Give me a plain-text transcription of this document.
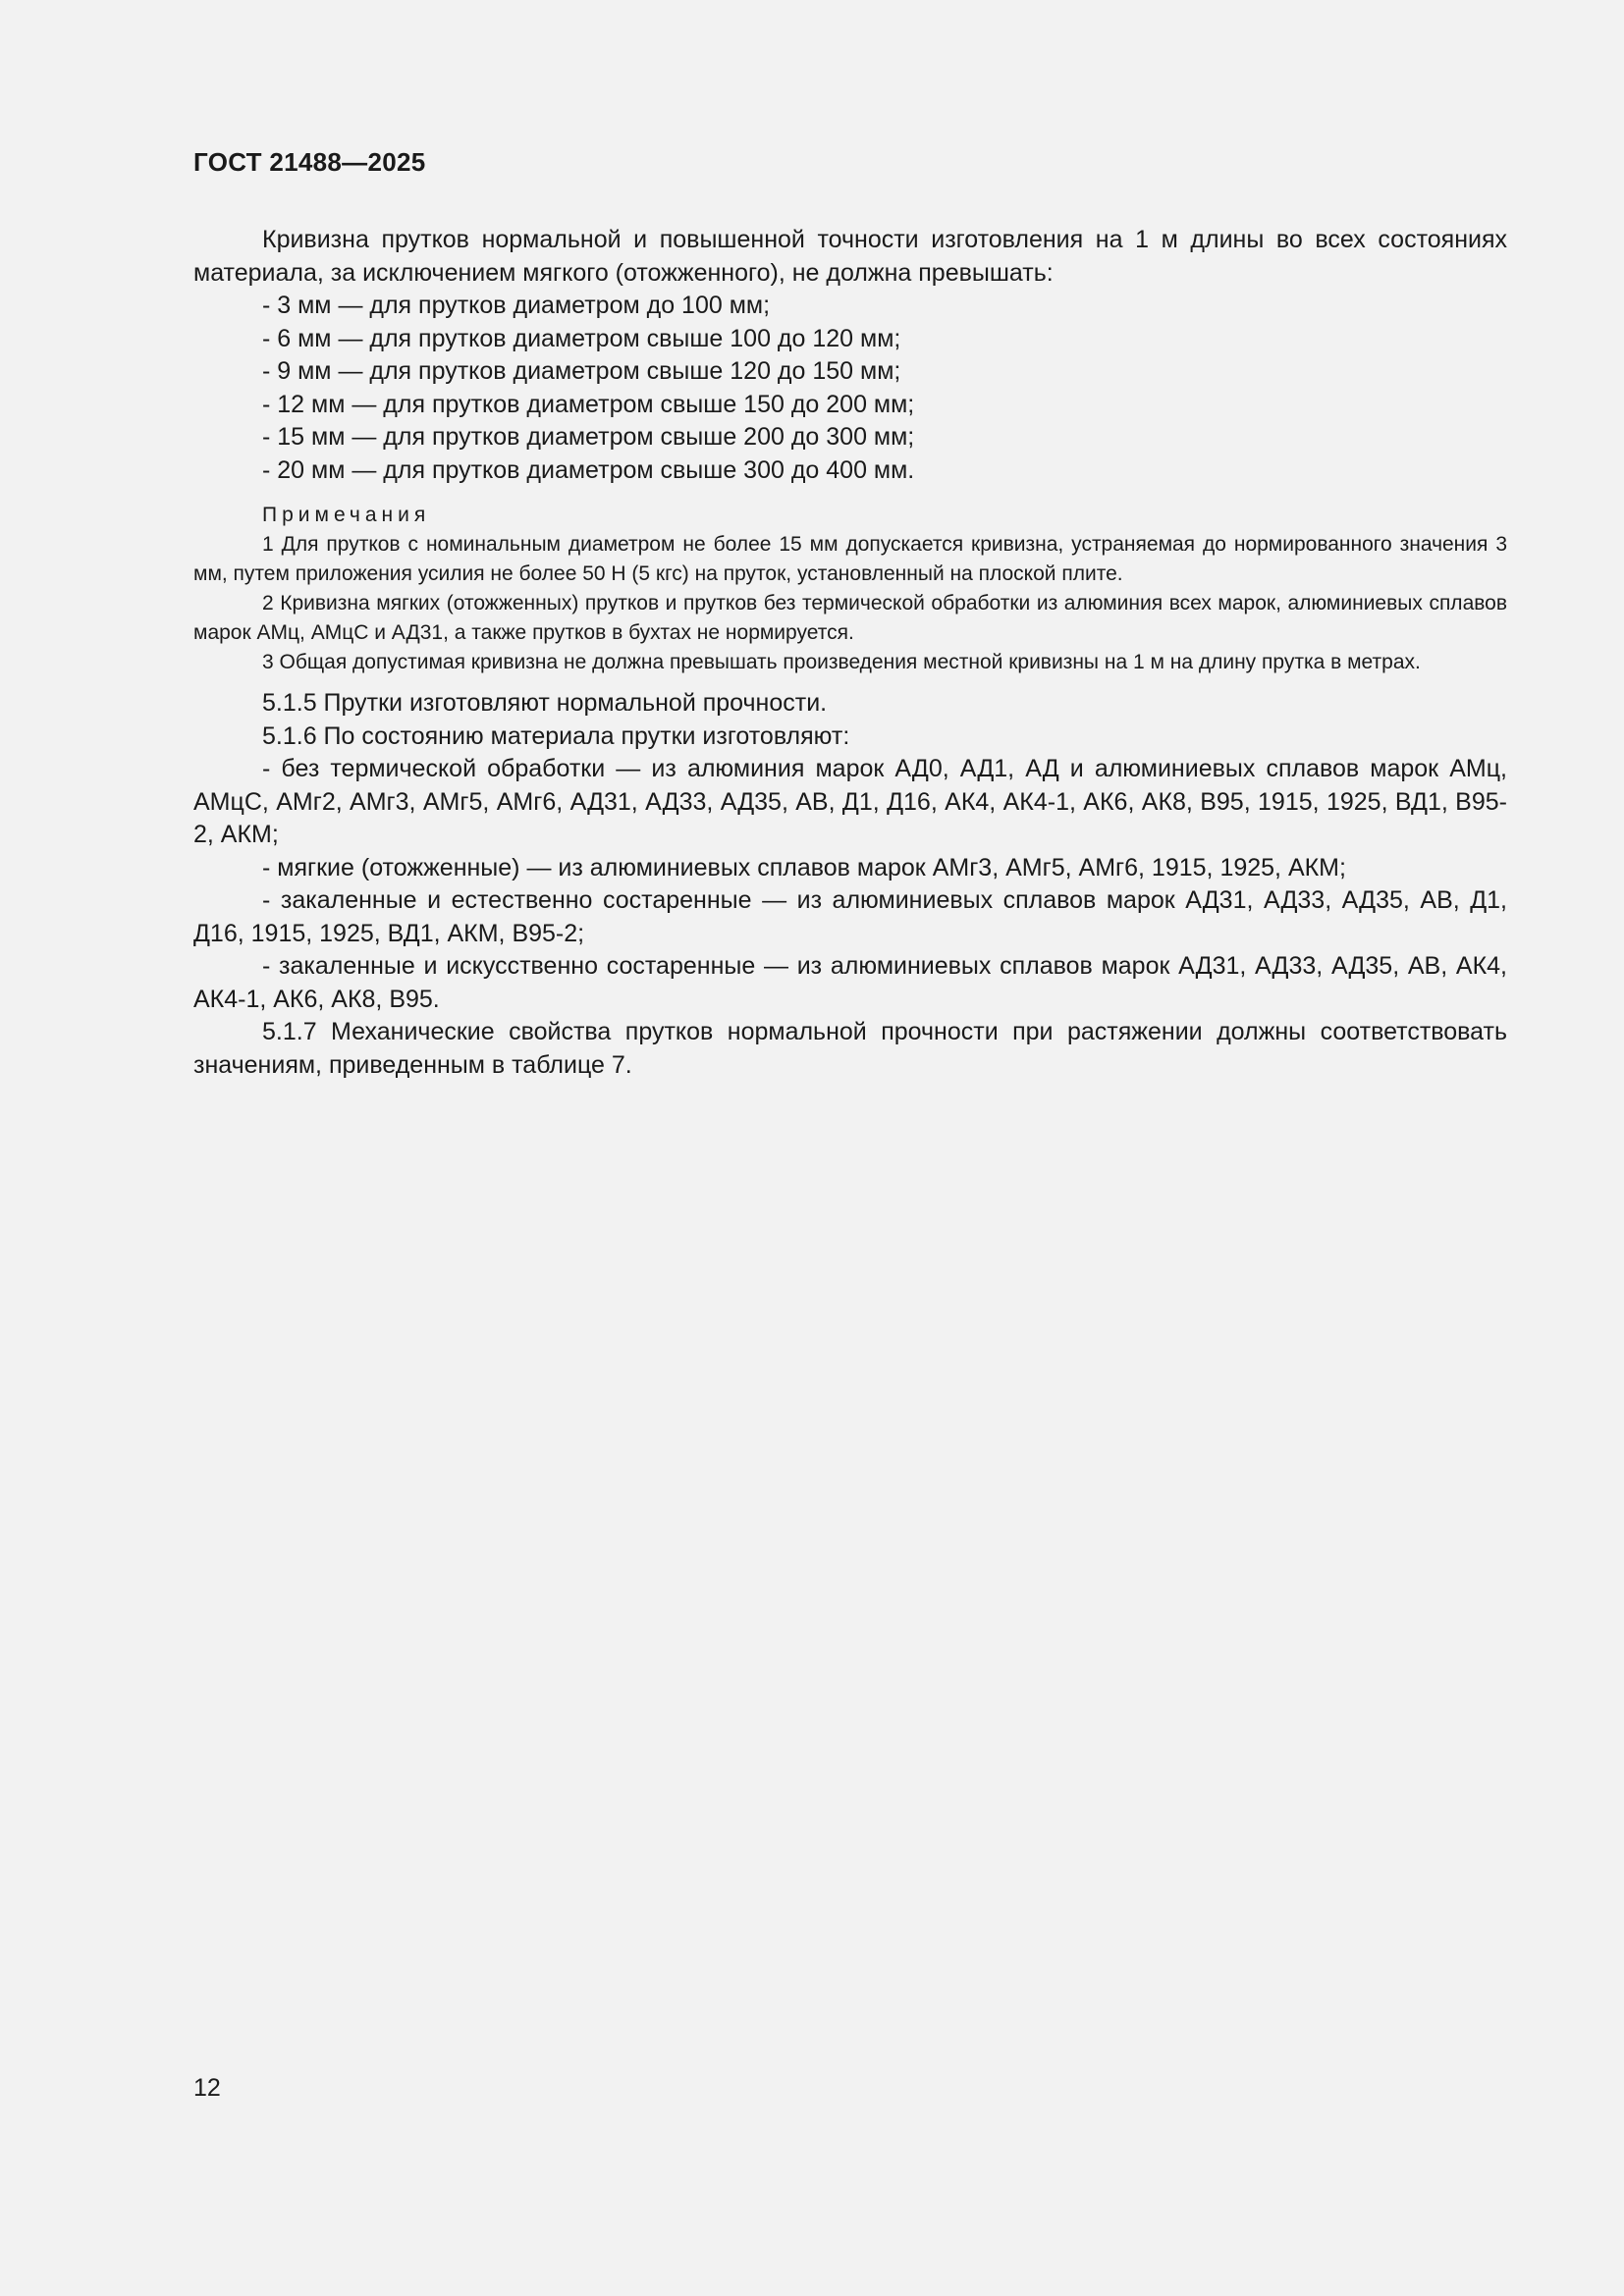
ГОСТ 21488—2025

Кривизна прутков нормальной и повышенной точности изготовления на 1 м длины во всех состояниях материала, за исключением мягкого (отожженного), не должна превышать:

- 3 мм — для прутков диаметром до 100 мм;

- 6 мм — для прутков диаметром свыше 100 до 120 мм;

- 9 мм — для прутков диаметром свыше 120 до 150 мм;

- 12 мм — для прутков диаметром свыше 150 до 200 мм;

- 15 мм — для прутков диаметром свыше 200 до 300 мм;

- 20 мм — для прутков диаметром свыше 300 до 400 мм.

Примечания

1 Для прутков с номинальным диаметром не более 15 мм допускается кривизна, устраняемая до нормированного значения 3 мм, путем приложения усилия не более 50 Н (5 кгс) на пруток, установленный на плоской плите.

2 Кривизна мягких (отожженных) прутков и прутков без термической обработки из алюминия всех марок, алюминиевых сплавов марок АМц, АМцС и АД31, а также прутков в бухтах не нормируется.

3 Общая допустимая кривизна не должна превышать произведения местной кривизны на 1 м на длину прутка в метрах.

5.1.5 Прутки изготовляют нормальной прочности.

5.1.6 По состоянию материала прутки изготовляют:

- без термической обработки — из алюминия марок АД0, АД1, АД и алюминиевых сплавов марок АМц, АМцС, АМг2, АМг3, АМг5, АМг6, АД31, АД33, АД35, АВ, Д1, Д16, АК4, АК4-1, АК6, АК8, В95, 1915, 1925, ВД1, В95-2, АКМ;

- мягкие (отожженные) — из алюминиевых сплавов марок АМг3, АМг5, АМг6, 1915, 1925, АКМ;

- закаленные и естественно состаренные — из алюминиевых сплавов марок АД31, АД33, АД35, АВ, Д1, Д16, 1915, 1925, ВД1, АКМ, В95-2;

- закаленные и искусственно состаренные — из алюминиевых сплавов марок АД31, АД33, АД35, АВ, АК4, АК4-1, АК6, АК8, В95.

5.1.7 Механические свойства прутков нормальной прочности при растяжении должны соответствовать значениям, приведенным в таблице 7.

12
